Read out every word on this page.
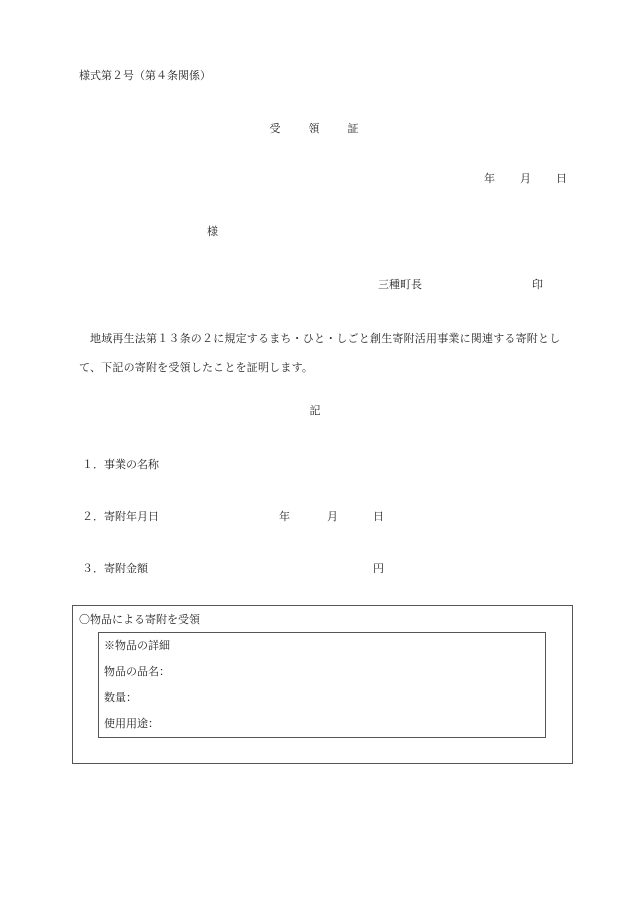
様式第２号（第４条関係）
受 領 証
年 月 日
様
三種町長	印
地域再生法第１３条の２に規定するまち・ひと・しごと創生寄附活用事業に関連する寄附として、下記の寄附を受領したことを証明します。
記
１．事業の名称
２．寄附年月日	年	月	日
３．寄附金額	円
〇物品による寄附を受領
※物品の詳細
物品の品名：
数量：
使用用途：
